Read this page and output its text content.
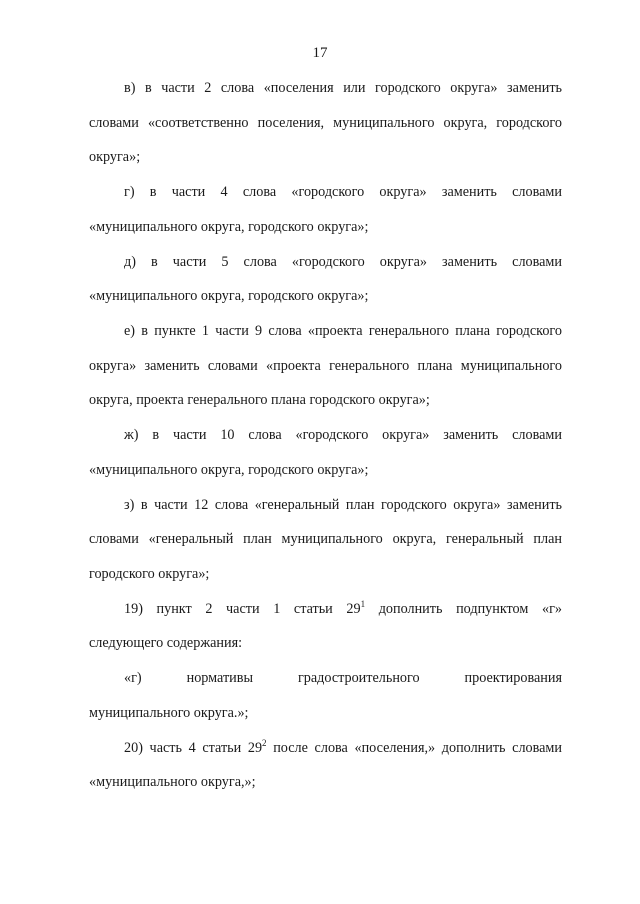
17
в) в части 2 слова «поселения или городского округа» заменить
словами «соответственно поселения, муниципального округа, городского
округа»;
г) в части 4 слова «городского округа» заменить словами
«муниципального округа, городского округа»;
д) в части 5 слова «городского округа» заменить словами
«муниципального округа, городского округа»;
е) в пункте 1 части 9 слова «проекта генерального плана городского
округа» заменить словами «проекта генерального плана муниципального
округа, проекта генерального плана городского округа»;
ж) в части 10 слова «городского округа» заменить словами
«муниципального округа, городского округа»;
з) в части 12 слова «генеральный план городского округа» заменить
словами «генеральный план муниципального округа, генеральный план
городского округа»;
19) пункт 2 части 1 статьи $29^1$ дополнить подпунктом «г»
следующего содержания:
«г) нормативы градостроительного проектирования
муниципального округа.»;
20) часть 4 статьи $29^2$ после слова «поселения,» дополнить словами
«муниципального округа,»;
